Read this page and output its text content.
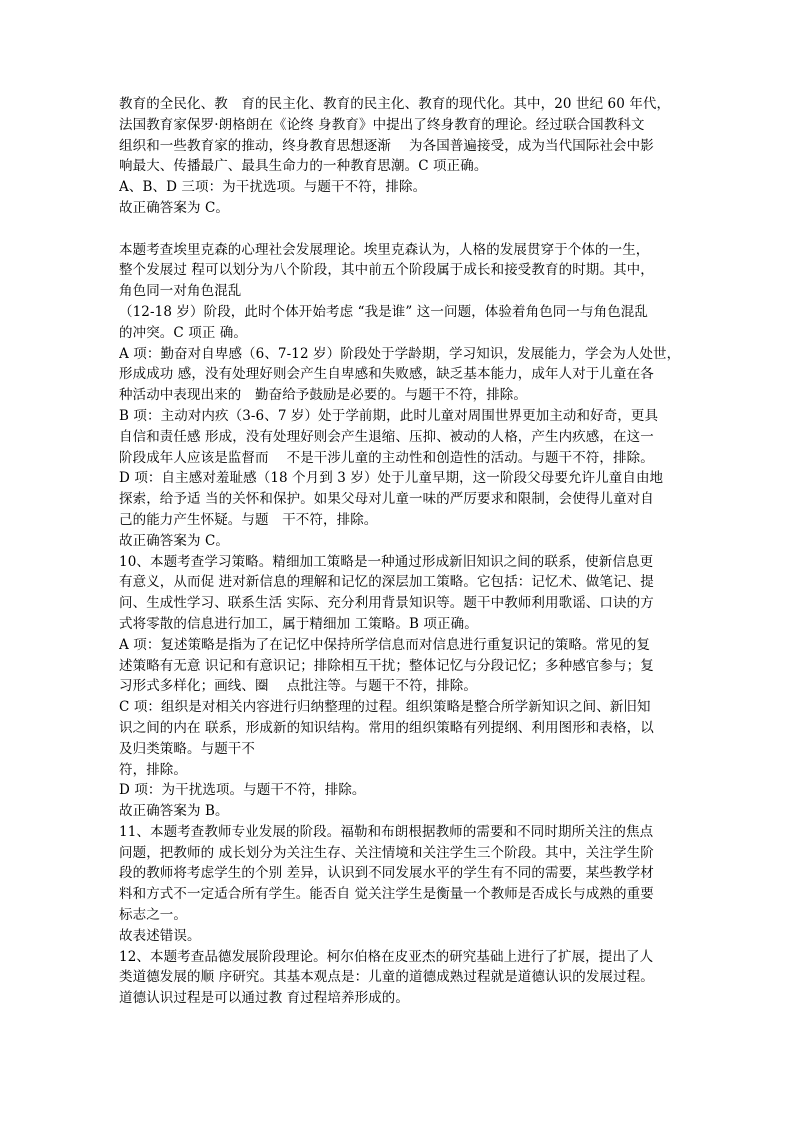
教育的全民化、教　育的民主化、教育的民主化、教育的现代化。其中，20 世纪 60 年代，
法国教育家保罗·朗格朗在《论终 身教育》中提出了终身教育的理论。经过联合国教科文
组织和一些教育家的推动，终身教育思想逐渐　 为各国普遍接受，成为当代国际社会中影
响最大、传播最广、最具生命力的一种教育思潮。C 项正确。
A、B、D 三项：为干扰选项。与题干不符，排除。
故正确答案为 C。
本题考查埃里克森的心理社会发展理论。埃里克森认为，人格的发展贯穿于个体的一生，
整个发展过 程可以划分为八个阶段，其中前五个阶段属于成长和接受教育的时期。其中，
角色同一对角色混乱
（12-18 岁）阶段，此时个体开始考虑 “我是谁” 这一问题，体验着角色同一与角色混乱
的冲突。C 项正 确。
A 项：勤奋对自卑感（6、7-12 岁）阶段处于学龄期，学习知识，发展能力，学会为人处世，
形成成功 感，没有处理好则会产生自卑感和失败感，缺乏基本能力，成年人对于儿童在各
种活动中表现出来的　勤奋给予鼓励是必要的。与题干不符，排除。
B 项：主动对内疚（3-6、7 岁）处于学前期，此时儿童对周围世界更加主动和好奇，更具
自信和责任感 形成，没有处理好则会产生退缩、压抑、被动的人格，产生内疚感，在这一
阶段成年人应该是监督而　 不是干涉儿童的主动性和创造性的活动。与题干不符，排除。
D 项：自主感对羞耻感（18 个月到 3 岁）处于儿童早期，这一阶段父母要允许儿童自由地
探索，给予适 当的关怀和保护。如果父母对儿童一味的严厉要求和限制，会使得儿童对自
己的能力产生怀疑。与题　干不符，排除。
故正确答案为 C。
10、本题考查学习策略。精细加工策略是一种通过形成新旧知识之间的联系，使新信息更
有意义，从而促 进对新信息的理解和记忆的深层加工策略。它包括：记忆术、做笔记、提
问、生成性学习、联系生活 实际、充分利用背景知识等。题干中教师利用歌谣、口诀的方
式将零散的信息进行加工，属于精细加 工策略。B 项正确。
A 项：复述策略是指为了在记忆中保持所学信息而对信息进行重复识记的策略。常见的复
述策略有无意 识记和有意识记；排除相互干扰；整体记忆与分段记忆；多种感官参与；复
习形式多样化；画线、圈　 点批注等。与题干不符，排除。
C 项：组织是对相关内容进行归纳整理的过程。组织策略是整合所学新知识之间、新旧知
识之间的内在 联系，形成新的知识结构。常用的组织策略有列提纲、利用图形和表格，以
及归类策略。与题干不
符，排除。
D 项：为干扰选项。与题干不符，排除。
故正确答案为 B。
11、本题考查教师专业发展的阶段。福勒和布朗根据教师的需要和不同时期所关注的焦点
问题，把教师的 成长划分为关注生存、关注情境和关注学生三个阶段。其中，关注学生阶
段的教师将考虑学生的个别 差异，认识到不同发展水平的学生有不同的需要，某些教学材
料和方式不一定适合所有学生。能否自 觉关注学生是衡量一个教师是否成长与成熟的重要
标志之一。
故表述错误。
12、本题考查品德发展阶段理论。柯尔伯格在皮亚杰的研究基础上进行了扩展，提出了人
类道德发展的顺 序研究。其基本观点是：儿童的道德成熟过程就是道德认识的发展过程。
道德认识过程是可以通过教 育过程培养形成的。
